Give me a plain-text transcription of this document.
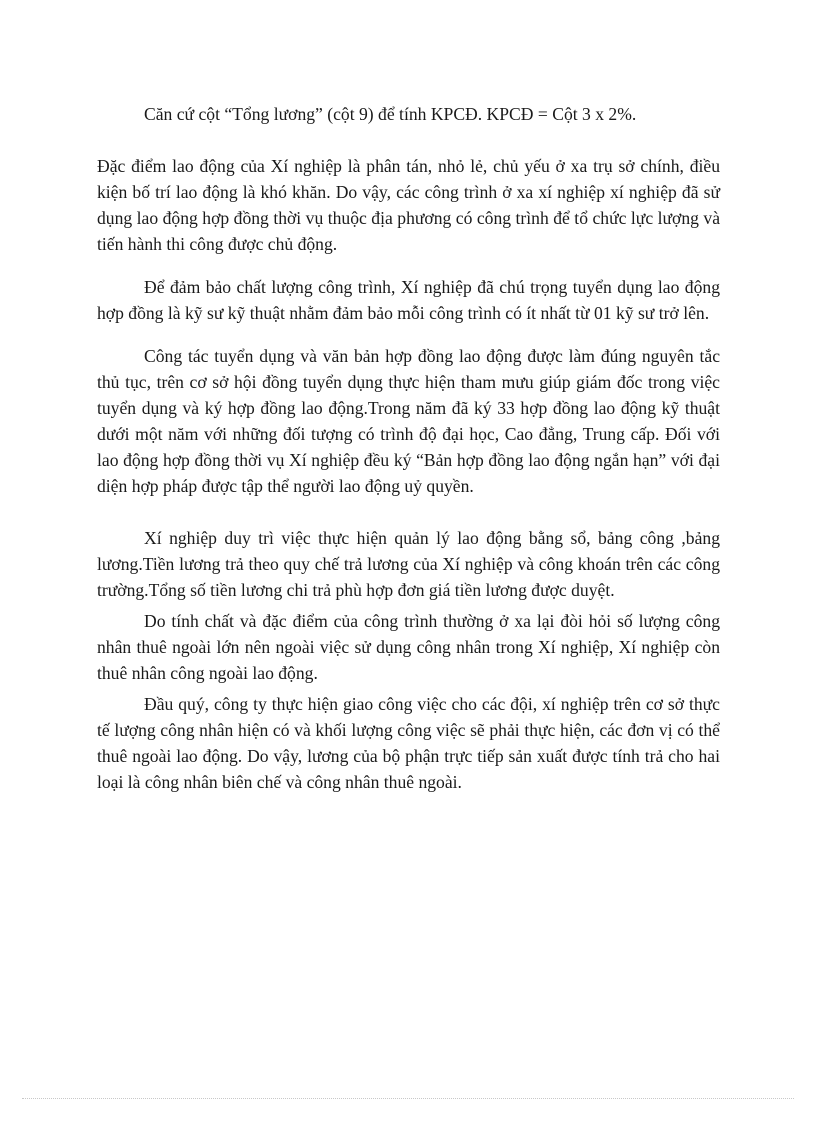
Căn cứ cột “Tổng lương” (cột 9) để tính KPCĐ. KPCĐ = Cột 3 x 2%.

Đặc điểm lao động của Xí nghiệp là phân tán, nhỏ lẻ, chủ yếu ở xa trụ sở chính, điều kiện bố trí lao động là khó khăn. Do vậy, các công trình ở xa xí nghiệp xí nghiệp đã sử dụng lao động hợp đồng thời vụ thuộc địa phương có công trình để tổ chức lực lượng và tiến hành thi công được chủ động.

Để đảm bảo chất lượng công trình, Xí nghiệp đã chú trọng tuyển dụng lao động hợp đồng là kỹ sư kỹ thuật nhằm đảm bảo mỗi công trình có ít nhất từ 01 kỹ sư trở lên.

Công tác tuyển dụng và văn bản hợp đồng lao động được làm đúng nguyên tắc thủ tục, trên cơ sở hội đồng tuyển dụng thực hiện tham mưu giúp giám đốc trong việc tuyển dụng và ký hợp đồng lao động.Trong năm đã ký 33 hợp đồng lao động kỹ thuật dưới một năm với những đối tượng có trình độ đại học, Cao đẳng, Trung cấp. Đối với lao động hợp đồng thời vụ Xí nghiệp đều ký “Bản hợp đồng lao động ngắn hạn” với đại diện hợp pháp được tập thể người lao động uỷ quyền.

Xí nghiệp duy trì việc thực hiện quản lý lao động bằng sổ, bảng công ,bảng lương.Tiền lương trả theo quy chế trả lương của Xí nghiệp và công khoán trên các công trường.Tổng số tiền lương chi trả phù hợp đơn giá tiền lương được duyệt.

Do tính chất và đặc điểm của công trình thường ở xa lại đòi hỏi số lượng công nhân thuê ngoài lớn nên ngoài việc sử dụng công nhân trong Xí nghiệp, Xí nghiệp còn thuê nhân công ngoài lao động.

Đầu quý, công ty thực hiện giao công việc cho các đội, xí nghiệp trên cơ sở thực tế lượng công nhân hiện có và khối lượng công việc sẽ phải thực hiện, các đơn vị có thể thuê ngoài lao động. Do vậy, lương của bộ phận trực tiếp sản xuất được tính trả cho hai loại là công nhân biên chế và công nhân thuê ngoài.
